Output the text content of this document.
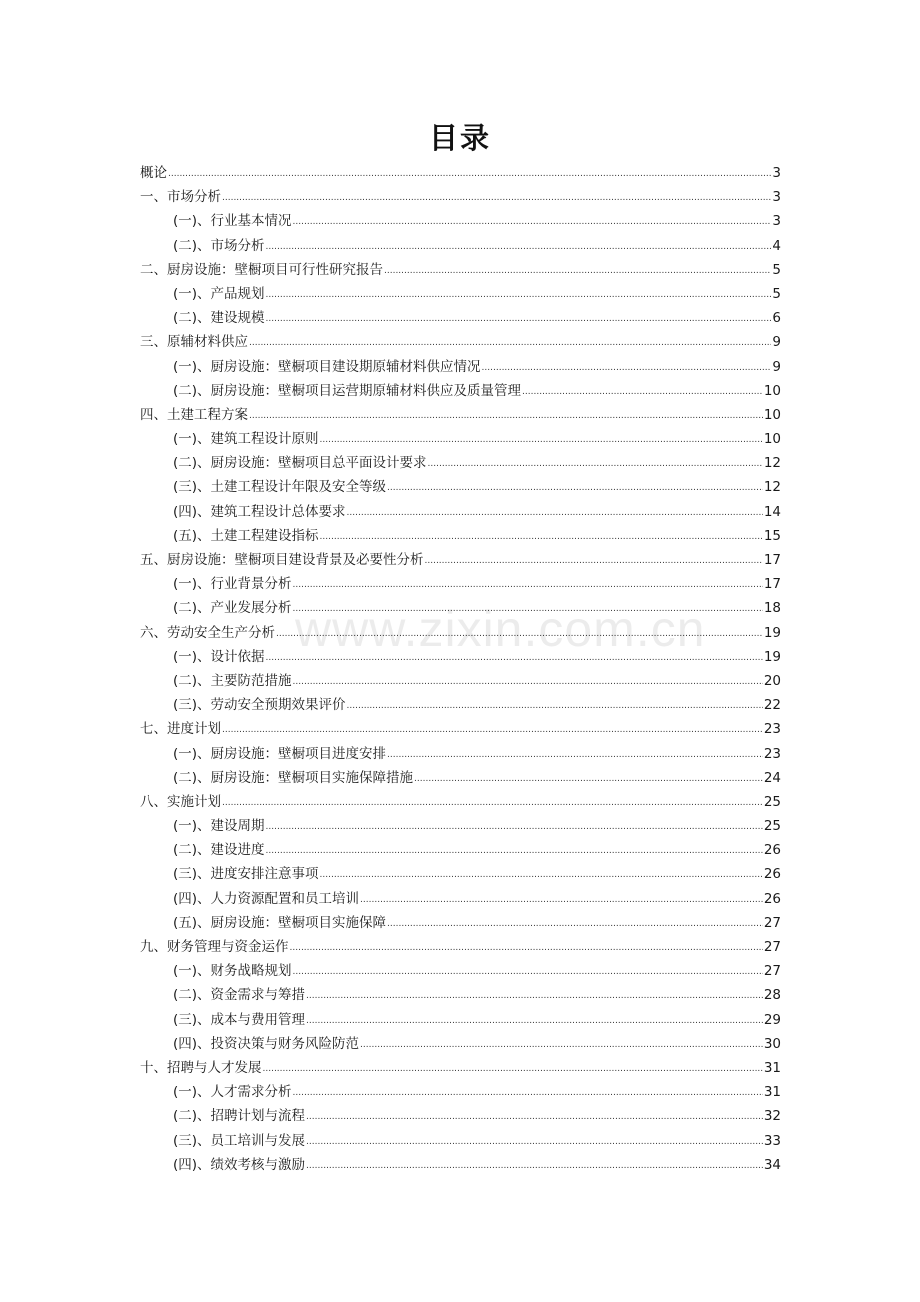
目录
概论 .....	3
一、市场分析 .....	3
(一)、行业基本情况 .....	3
(二)、市场分析 .....	4
二、厨房设施：壁橱项目可行性研究报告 .....	5
(一)、产品规划 .....	5
(二)、建设规模 .....	6
三、原辅材料供应 .....	9
(一)、厨房设施：壁橱项目建设期原辅材料供应情况 .....	9
(二)、厨房设施：壁橱项目运营期原辅材料供应及质量管理 .....	10
四、土建工程方案 .....	10
(一)、建筑工程设计原则 .....	10
(二)、厨房设施：壁橱项目总平面设计要求 .....	12
(三)、土建工程设计年限及安全等级 .....	12
(四)、建筑工程设计总体要求 .....	14
(五)、土建工程建设指标 .....	15
五、厨房设施：壁橱项目建设背景及必要性分析 .....	17
(一)、行业背景分析 .....	17
(二)、产业发展分析 .....	18
六、劳动安全生产分析 .....	19
(一)、设计依据 .....	19
(二)、主要防范措施 .....	20
(三)、劳动安全预期效果评价 .....	22
七、进度计划 .....	23
(一)、厨房设施：壁橱项目进度安排 .....	23
(二)、厨房设施：壁橱项目实施保障措施 .....	24
八、实施计划 .....	25
(一)、建设周期 .....	25
(二)、建设进度 .....	26
(三)、进度安排注意事项 .....	26
(四)、人力资源配置和员工培训 .....	26
(五)、厨房设施：壁橱项目实施保障 .....	27
九、财务管理与资金运作 .....	27
(一)、财务战略规划 .....	27
(二)、资金需求与筹措 .....	28
(三)、成本与费用管理 .....	29
(四)、投资决策与财务风险防范 .....	30
十、招聘与人才发展 .....	31
(一)、人才需求分析 .....	31
(二)、招聘计划与流程 .....	32
(三)、员工培训与发展 .....	33
(四)、绩效考核与激励 .....	34
www.zixin.com.cn
